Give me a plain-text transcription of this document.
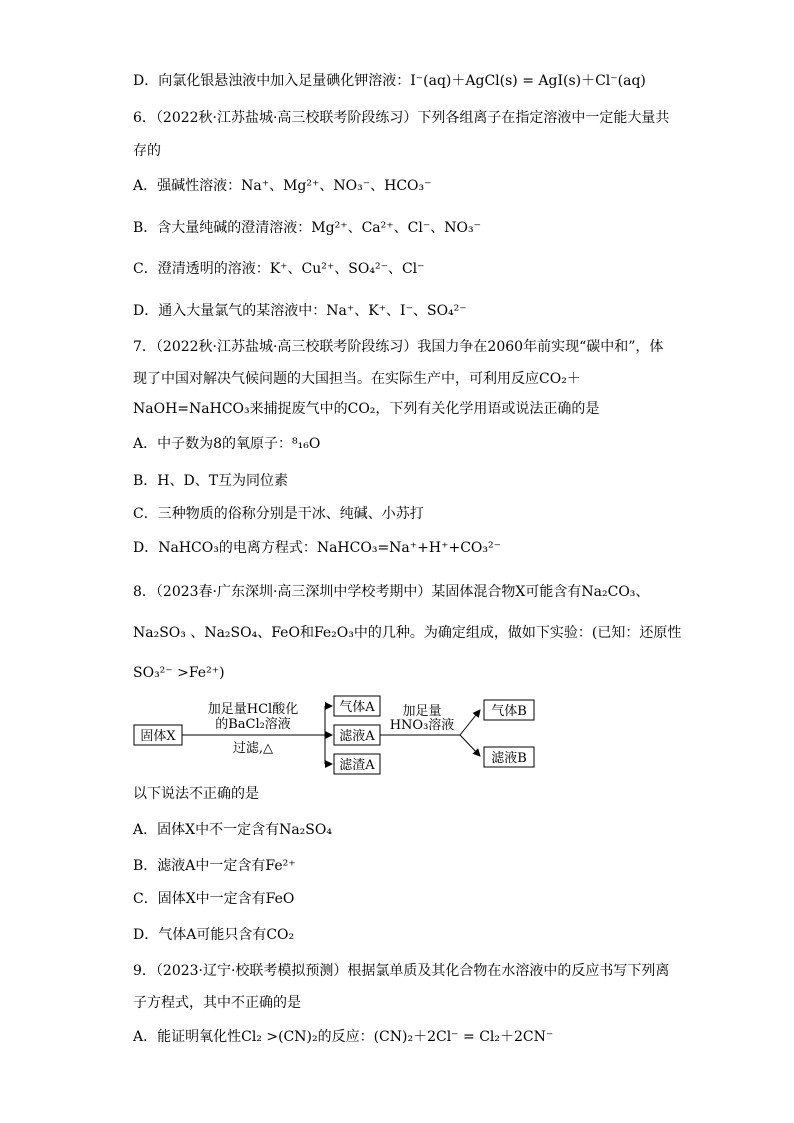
D．向氯化银悬浊液中加入足量碘化钾溶液：I⁻(aq)＋AgCl(s) = AgI(s)＋Cl⁻(aq)
6．（2022秋·江苏盐城·高三校联考阶段练习）下列各组离子在指定溶液中一定能大量共
存的
A．强碱性溶液：Na⁺、Mg²⁺、NO₃⁻、HCO₃⁻
B．含大量纯碱的澄清溶液：Mg²⁺、Ca²⁺、Cl⁻、NO₃⁻
C．澄清透明的溶液：K⁺、Cu²⁺、SO₄²⁻、Cl⁻
D．通入大量氯气的某溶液中：Na⁺、K⁺、I⁻、SO₄²⁻
7．（2022秋·江苏盐城·高三校联考阶段练习）我国力争在2060年前实现“碳中和”，体
现了中国对解决气候问题的大国担当。在实际生产中，可利用反应CO₂＋
NaOH=NaHCO₃来捕捉废气中的CO₂，下列有关化学用语或说法正确的是
A．中子数为8的氧原子：⁸₁₆O
B．H、D、T互为同位素
C．三种物质的俗称分别是干冰、纯碱、小苏打
D．NaHCO₃的电离方程式：NaHCO₃=Na⁺+H⁺+CO₃²⁻
8．（2023春·广东深圳·高三深圳中学校考期中）某固体混合物X可能含有Na₂CO₃、
Na₂SO₃ 、Na₂SO₄、FeO和Fe₂O₃中的几种。为确定组成，做如下实验：(已知：还原性
SO₃²⁻ >Fe²⁺)
固体X
加足量HCl酸化
的BaCl₂溶液
过滤,△
气体A
滤液A
滤渣A
加足量
HNO₃溶液
气体B
滤液B
以下说法不正确的是
A．固体X中不一定含有Na₂SO₄
B．滤液A中一定含有Fe²⁺
C．固体X中一定含有FeO
D．气体A可能只含有CO₂
9．（2023·辽宁·校联考模拟预测）根据氯单质及其化合物在水溶液中的反应书写下列离
子方程式，其中不正确的是
A．能证明氧化性Cl₂ >(CN)₂的反应：(CN)₂＋2Cl⁻ = Cl₂＋2CN⁻
